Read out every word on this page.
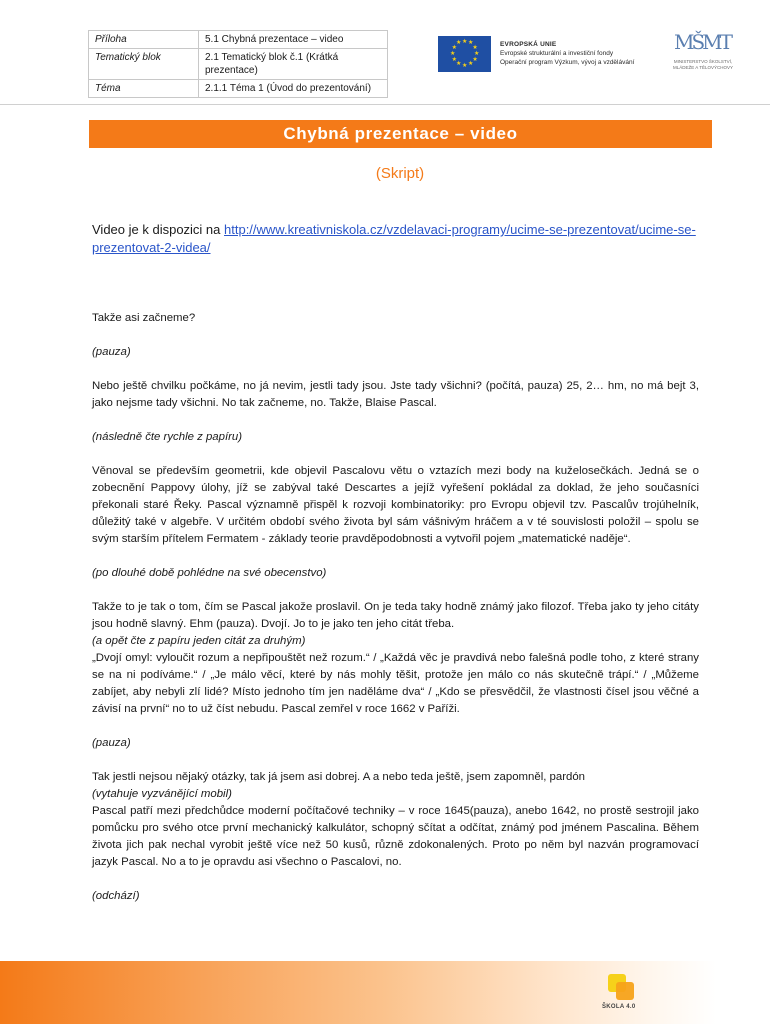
Příloha	5.1 Chybná prezentace – video
Tematický blok	2.1 Tematický blok č.1 (Krátká prezentace)
Téma	2.1.1 Téma 1 (Úvod do prezentování)
★ ★
★
★
★
★
★
★
★
★
★
★	EVROPSKÁ UNIE
Evropské strukturální a investiční fondy
Operační program Výzkum, vývoj a vzdělávání
MŠMT
MINISTERSTVO ŠKOLSTVÍ, MLÁDEŽE A TĚLOVÝCHOVY
Chybná prezentace – video
(Skript)

Video je k dispozici na http://www.kreativniskola.cz/vzdelavaci-programy/ucime-se-prezentovat/ucime-se-prezentovat-2-videa/

Takže asi začneme?

(pauza)

Nebo ještě chvilku počkáme, no já nevim, jestli tady jsou. Jste tady všichni? (počítá, pauza) 25, 2… hm, no má bejt 3, jako nejsme tady všichni. No tak začneme, no. Takže, Blaise Pascal.

(následně čte rychle z papíru)

Věnoval se především geometrii, kde objevil Pascalovu větu o vztazích mezi body na kuželosečkách. Jedná se o zobecnění Pappovy úlohy, jíž se zabýval také Descartes a jejíž vyřešení pokládal za doklad, že jeho současníci překonali staré Řeky. Pascal významně přispěl k rozvoji kombinatoriky: pro Evropu objevil tzv. Pascalův trojúhelník, důležitý také v algebře. V určitém období svého života byl sám vášnivým hráčem a v té souvislosti položil – spolu se svým starším přítelem Fermatem - základy teorie pravděpodobnosti a vytvořil pojem „matematické naděje“.

(po dlouhé době pohlédne na své obecenstvo)

Takže to je tak o tom, čím se Pascal jakože proslavil. On je teda taky hodně známý jako filozof. Třeba jako ty jeho citáty jsou hodně slavný. Ehm (pauza). Dvojí. Jo to je jako ten jeho citát třeba.

(a opět čte z papíru jeden citát za druhým)

„Dvojí omyl: vyloučit rozum a nepřipouštět než rozum.“ / „Každá věc je pravdivá nebo falešná podle toho, z které strany se na ni podíváme.“ / „Je málo věcí, které by nás mohly těšit, protože jen málo co nás skutečně trápí.“ / „Můžeme zabíjet, aby nebyli zlí lidé? Místo jednoho tím jen naděláme dva“ / „Kdo se přesvědčil, že vlastnosti čísel jsou věčné a závisí na první“ no to už číst nebudu. Pascal zemřel v roce 1662 v Paříži.

(pauza)

Tak jestli nejsou nějaký otázky, tak já jsem asi dobrej. A a nebo teda ještě, jsem zapomněl, pardón

(vytahuje vyzvánějící mobil)

Pascal patří mezi předchůdce moderní počítačové techniky – v roce 1645(pauza), anebo 1642, no prostě sestrojil jako pomůcku pro svého otce první mechanický kalkulátor, schopný sčítat a odčítat, známý pod jménem Pascalina. Během života jich pak nechal vyrobit ještě více než 50 kusů, různě zdokonalených. Proto po něm byl nazván programovací jazyk Pascal. No a to je opravdu asi všechno o Pascalovi, no.

(odchází)

ŠKOLA 4.0
